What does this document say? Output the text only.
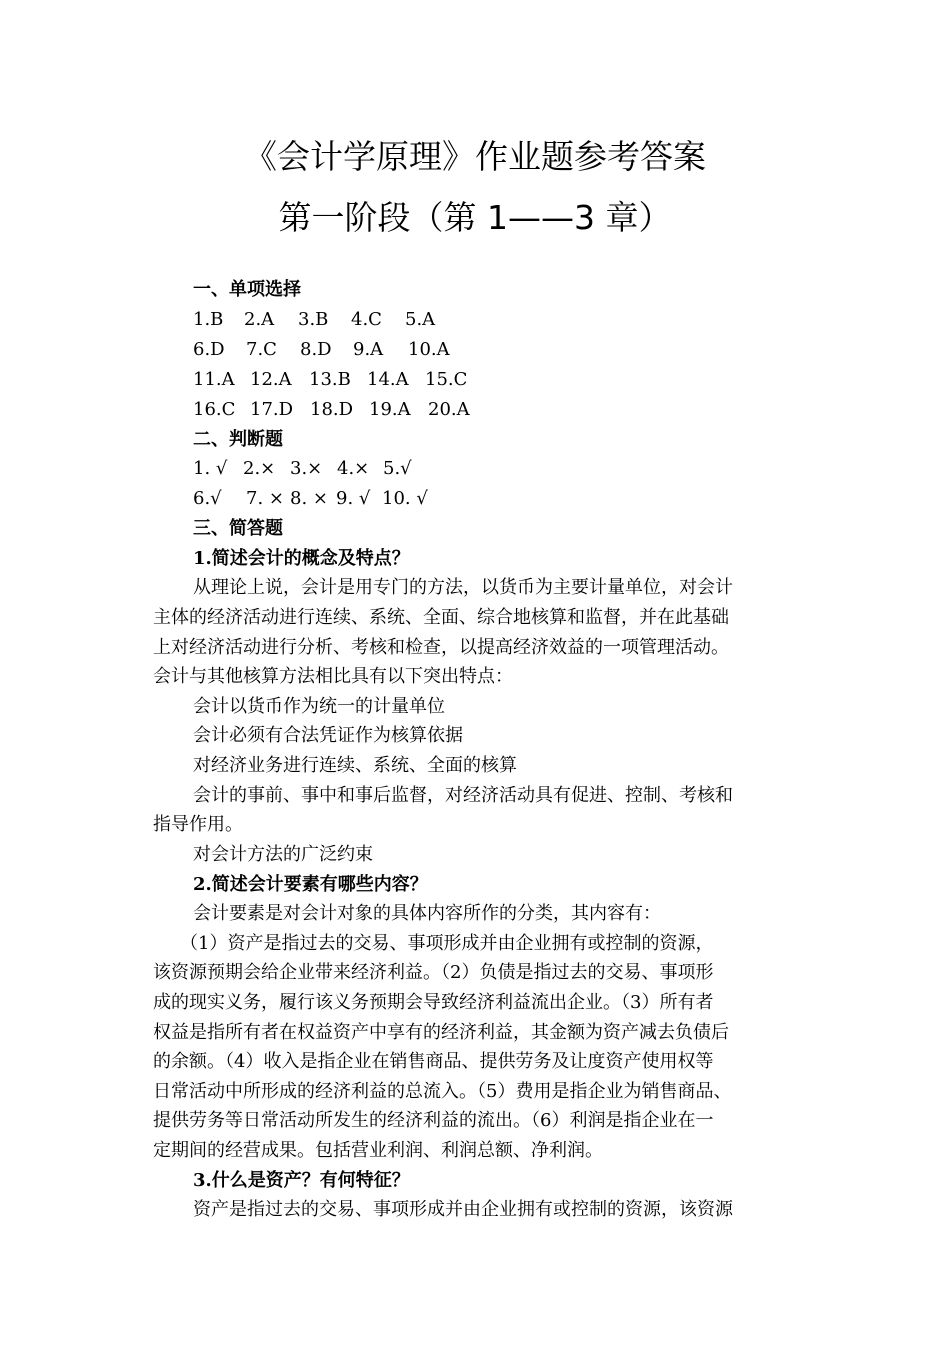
《会计学原理》作业题参考答案
第一阶段（第 1——3 章）
一、单项选择
1.B 2.A 3.B 4.C 5.A
6.D 7.C 8.D 9.A 10.A
11.A 12.A 13.B 14.A 15.C
16.C 17.D 18.D 19.A 20.A
二、判断题
1. √ 2.× 3.× 4.× 5.√
6.√ 7. × 8. × 9. √ 10. √
三、简答题
1.简述会计的概念及特点？
从理论上说，会计是用专门的方法，以货币为主要计量单位，对会计
主体的经济活动进行连续、系统、全面、综合地核算和监督，并在此基础
上对经济活动进行分析、考核和检查，以提高经济效益的一项管理活动。
会计与其他核算方法相比具有以下突出特点：
会计以货币作为统一的计量单位
会计必须有合法凭证作为核算依据
对经济业务进行连续、系统、全面的核算
会计的事前、事中和事后监督，对经济活动具有促进、控制、考核和
指导作用。
对会计方法的广泛约束
2.简述会计要素有哪些内容？
会计要素是对会计对象的具体内容所作的分类，其内容有：
（1）资产是指过去的交易、事项形成并由企业拥有或控制的资源，
该资源预期会给企业带来经济利益。（2）负债是指过去的交易、事项形
成的现实义务，履行该义务预期会导致经济利益流出企业。（3）所有者
权益是指所有者在权益资产中享有的经济利益，其金额为资产减去负债后
的余额。（4）收入是指企业在销售商品、提供劳务及让度资产使用权等
日常活动中所形成的经济利益的总流入。（5）费用是指企业为销售商品、
提供劳务等日常活动所发生的经济利益的流出。（6）利润是指企业在一
定期间的经营成果。包括营业利润、利润总额、净利润。
3.什么是资产？有何特征？
资产是指过去的交易、事项形成并由企业拥有或控制的资源，该资源
